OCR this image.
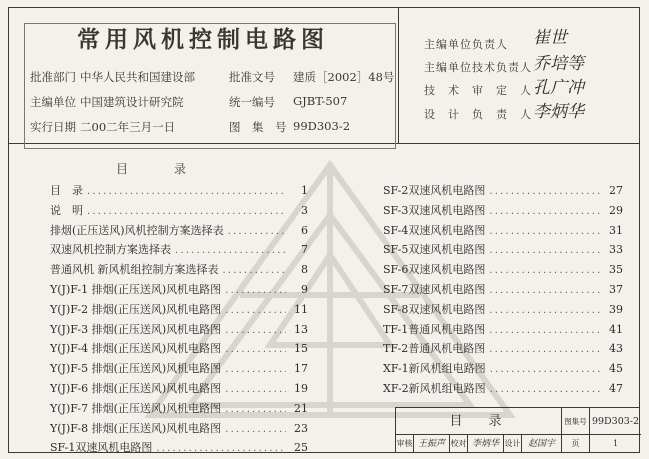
常用风机控制电路图
批准部门 中华人民共和国建设部	批准文号 建质［2002］48号
主编单位 中国建筑设计研究院	统一编号 GJBT-507
实行日期 二00二年三月一日	图　集　号 99D303-2
主编单位负责人 崔世
主编单位技术负责人 乔培等
技　术　审　定　人 孔广冲
设　计　负　责　人 李炳华
目录
目　录 .....	1
说　明 .....	3
排烟(正压送风)风机控制方案选择表 .....	6
双速风机控制方案选择表 .....	7
普通风机 新风机组控制方案选择表 .....	8
Y(J)F-1 排烟(正压送风)风机电路图 .....	9
Y(J)F-2 排烟(正压送风)风机电路图 .....	11
Y(J)F-3 排烟(正压送风)风机电路图 .....	13
Y(J)F-4 排烟(正压送风)风机电路图 .....	15
Y(J)F-5 排烟(正压送风)风机电路图 .....	17
Y(J)F-6 排烟(正压送风)风机电路图 .....	19
Y(J)F-7 排烟(正压送风)风机电路图 .....	21
Y(J)F-8 排烟(正压送风)风机电路图 .....	23
SF-1双速风机电路图 .....	25
SF-2双速风机电路图 .....	27
SF-3双速风机电路图 .....	29
SF-4双速风机电路图 .....	31
SF-5双速风机电路图 .....	33
SF-6双速风机电路图 .....	35
SF-7双速风机电路图 .....	37
SF-8双速风机电路图 .....	39
TF-1普通风机电路图 .....	41
TF-2普通风机电路图 .....	43
XF-1新风机组电路图 .....	45
XF-2新风机组电路图 .....	47
目录	图集号 99D303-2
审核 王振声 校对 李炳华 设计 赵国宇	页	1
